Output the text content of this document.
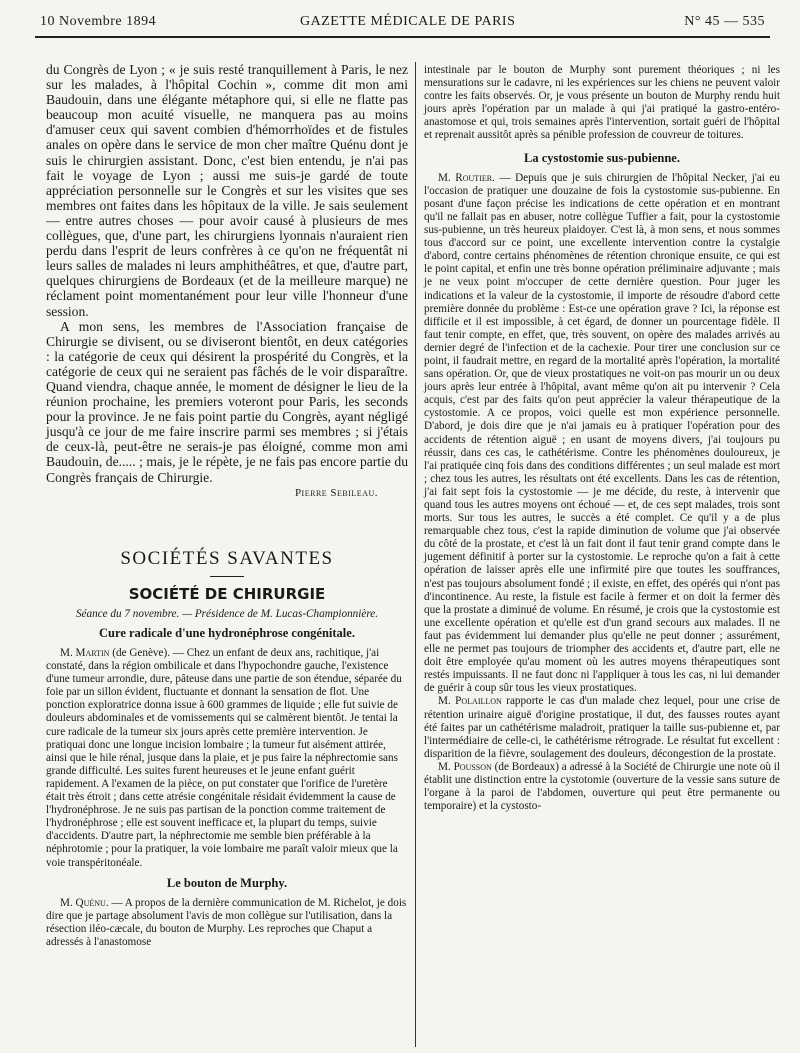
10 Novembre 1894	GAZETTE MÉDICALE DE PARIS	N° 45 — 535

du Congrès de Lyon ; « je suis resté tranquillement à Paris, le nez sur les malades, à l'hôpital Cochin », comme dit mon ami Baudouin, dans une élégante métaphore qui, si elle ne flatte pas beaucoup mon acuité visuelle, ne manquera pas au moins d'amuser ceux qui savent combien d'hémorrhoïdes et de fistules anales on opère dans le service de mon cher maître Quénu dont je suis le chirurgien assistant. Donc, c'est bien entendu, je n'ai pas fait le voyage de Lyon ; aussi me suis-je gardé de toute appréciation personnelle sur le Congrès et sur les visites que ses membres ont faites dans les hôpitaux de la ville. Je sais seulement — entre autres choses — pour avoir causé à plusieurs de mes collègues, que, d'une part, les chirurgiens lyonnais n'auraient rien perdu dans l'esprit de leurs confrères à ce qu'on ne fréquentât ni leurs salles de malades ni leurs amphithéâtres, et que, d'autre part, quelques chirurgiens de Bordeaux (et de la meilleure marque) ne réclament point momentanément pour leur ville l'honneur d'une session.

A mon sens, les membres de l'Association française de Chirurgie se divisent, ou se diviseront bientôt, en deux catégories : la catégorie de ceux qui désirent la prospérité du Congrès, et la catégorie de ceux qui ne seraient pas fâchés de le voir disparaître. Quand viendra, chaque année, le moment de désigner le lieu de la réunion prochaine, les premiers voteront pour Paris, les seconds pour la province. Je ne fais point partie du Congrès, ayant négligé jusqu'à ce jour de me faire inscrire parmi ses membres ; si j'étais de ceux-là, peut-être ne serais-je pas éloigné, comme mon ami Baudouin, de..... ; mais, je le répète, je ne fais pas encore partie du Congrès français de Chirurgie.

Pierre Sebileau.

SOCIÉTÉS SAVANTES

SOCIÉTÉ DE CHIRURGIE

Séance du 7 novembre. — Présidence de M. Lucas-Championnière.

Cure radicale d'une hydronéphrose congénitale.

M. Martin (de Genève). — Chez un enfant de deux ans, rachitique, j'ai constaté, dans la région ombilicale et dans l'hypochondre gauche, l'existence d'une tumeur arrondie, dure, pâteuse dans une partie de son étendue, séparée du foie par un sillon évident, fluctuante et donnant la sensation de flot. Une ponction exploratrice donna issue à 600 grammes de liquide ; elle fut suivie de douleurs abdominales et de vomissements qui se calmèrent bientôt. Je tentai la cure radicale de la tumeur six jours après cette première intervention. Je pratiquai donc une longue incision lombaire ; la tumeur fut aisément attirée, ainsi que le hile rénal, jusque dans la plaie, et je pus faire la néphrectomie sans grande difficulté. Les suites furent heureuses et le jeune enfant guérit rapidement. A l'examen de la pièce, on put constater que l'orifice de l'uretère était très étroit ; dans cette atrésie congénitale résidait évidemment la cause de l'hydronéphrose. Je ne suis pas partisan de la ponction comme traitement de l'hydronéphrose ; elle est souvent inefficace et, la plupart du temps, suivie d'accidents. D'autre part, la néphrectomie me semble bien préférable à la néphrotomie ; pour la pratiquer, la voie lombaire me paraît valoir mieux que la voie transpéritonéale.

Le bouton de Murphy.

M. Quénu. — A propos de la dernière communication de M. Richelot, je dois dire que je partage absolument l'avis de mon collègue sur l'utilisation, dans la résection iléo-cæcale, du bouton de Murphy. Les reproches que Chaput a adressés à l'anastomose

intestinale par le bouton de Murphy sont purement théoriques ; ni les mensurations sur le cadavre, ni les expériences sur les chiens ne peuvent valoir contre les faits observés. Or, je vous présente un bouton de Murphy rendu huit jours après l'opération par un malade à qui j'ai pratiqué la gastro-entéro-anastomose et qui, trois semaines après l'intervention, sortait guéri de l'hôpital et reprenait aussitôt après sa pénible profession de couvreur de toitures.

La cystostomie sus-pubienne.

M. Routier. — Depuis que je suis chirurgien de l'hôpital Necker, j'ai eu l'occasion de pratiquer une douzaine de fois la cystostomie sus-pubienne. En posant d'une façon précise les indications de cette opération et en montrant qu'il ne fallait pas en abuser, notre collègue Tuffier a fait, pour la cystostomie sus-pubienne, un très heureux plaidoyer. C'est là, à mon sens, et nous sommes tous d'accord sur ce point, une excellente intervention contre la cystalgie d'abord, contre certains phénomènes de rétention chronique ensuite, ce qui est le point capital, et enfin une très bonne opération préliminaire adjuvante ; mais je ne veux point m'occuper de cette dernière question. Pour juger les indications et la valeur de la cystostomie, il importe de résoudre d'abord cette première donnée du problème : Est-ce une opération grave ? Ici, la réponse est difficile et il est impossible, à cet égard, de donner un pourcentage fidèle. Il faut tenir compte, en effet, que, très souvent, on opère des malades arrivés au dernier degré de l'infection et de la cachexie. Pour tirer une conclusion sur ce point, il faudrait mettre, en regard de la mortalité après l'opération, la mortalité sans opération. Or, que de vieux prostatiques ne voit-on pas mourir un ou deux jours après leur entrée à l'hôpital, avant même qu'on ait pu intervenir ? Cela acquis, c'est par des faits qu'on peut apprécier la valeur thérapeutique de la cystostomie. A ce propos, voici quelle est mon expérience personnelle. D'abord, je dois dire que je n'ai jamais eu à pratiquer l'opération pour des accidents de rétention aiguë ; en usant de moyens divers, j'ai toujours pu réussir, dans ces cas, le cathétérisme. Contre les phénomènes douloureux, je l'ai pratiquée cinq fois dans des conditions différentes ; un seul malade est mort ; chez tous les autres, les résultats ont été excellents. Dans les cas de rétention, j'ai fait sept fois la cystostomie — je me décide, du reste, à intervenir que quand tous les autres moyens ont échoué — et, de ces sept malades, trois sont morts. Sur tous les autres, le succès a été complet. Ce qu'il y a de plus remarquable chez tous, c'est la rapide diminution de volume que j'ai observée du côté de la prostate, et c'est là un fait dont il faut tenir grand compte dans le jugement définitif à porter sur la cystostomie. Le reproche qu'on a fait à cette opération de laisser après elle une infirmité pire que toutes les souffrances, n'est pas toujours absolument fondé ; il existe, en effet, des opérés qui n'ont pas d'incontinence. Au reste, la fistule est facile à fermer et on doit la fermer dès que la prostate a diminué de volume. En résumé, je crois que la cystostomie est une excellente opération et qu'elle est d'un grand secours aux malades. Il ne faut pas évidemment lui demander plus qu'elle ne peut donner ; assurément, elle ne permet pas toujours de triompher des accidents et, d'autre part, elle ne doit être employée qu'au moment où les autres moyens thérapeutiques sont restés impuissants. Il ne faut donc ni l'appliquer à tous les cas, ni lui demander de guérir à coup sûr tous les vieux prostatiques.

M. Polaillon rapporte le cas d'un malade chez lequel, pour une crise de rétention urinaire aiguë d'origine prostatique, il dut, des fausses routes ayant été faites par un cathétérisme maladroit, pratiquer la taille sus-pubienne et, par l'intermédiaire de celle-ci, le cathétérisme rétrograde. Le résultat fut excellent : disparition de la fièvre, soulagement des douleurs, décongestion de la prostate.

M. Pousson (de Bordeaux) a adressé à la Société de Chirurgie une note où il établit une distinction entre la cystotomie (ouverture de la vessie sans suture de l'organe à la paroi de l'abdomen, ouverture qui peut être permanente ou temporaire) et la cystosto-
